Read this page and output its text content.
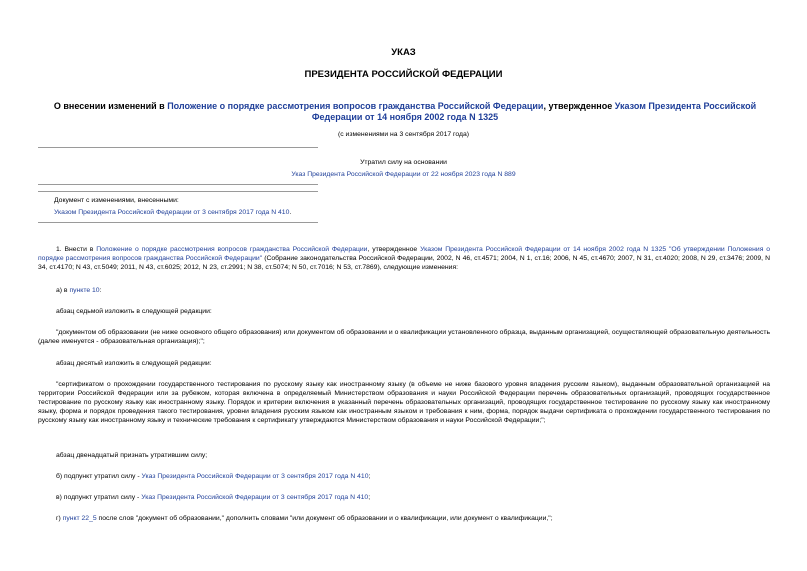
УКАЗ
ПРЕЗИДЕНТА РОССИЙСКОЙ ФЕДЕРАЦИИ
О внесении изменений в Положение о порядке рассмотрения вопросов гражданства Российской Федерации, утвержденное Указом Президента Российской Федерации от 14 ноября 2002 года N 1325
(с изменениями на 3 сентября 2017 года)
Утратил силу на основании
Указ Президента Российской Федерации от 22 ноября 2023 года N 889
Документ с изменениями, внесенными:
Указом Президента Российской Федерации от 3 сентября 2017 года N 410.
1. Внести в Положение о порядке рассмотрения вопросов гражданства Российской Федерации, утвержденное Указом Президента Российской Федерации от 14 ноября 2002 года N 1325 "Об утверждении Положения о порядке рассмотрения вопросов гражданства Российской Федерации" (Собрание законодательства Российской Федерации, 2002, N 46, ст.4571; 2004, N 1, ст.16; 2006, N 45, ст.4670; 2007, N 31, ст.4020; 2008, N 29, ст.3476; 2009, N 34, ст.4170; N 43, ст.5049; 2011, N 43, ст.6025; 2012, N 23, ст.2991; N 38, ст.5074; N 50, ст.7016; N 53, ст.7869), следующие изменения:
а) в пункте 10:
абзац седьмой изложить в следующей редакции:
"документом об образовании (не ниже основного общего образования) или документом об образовании и о квалификации установленного образца, выданным организацией, осуществляющей образовательную деятельность (далее именуется - образовательная организация);";
абзац десятый изложить в следующей редакции:
"сертификатом о прохождении государственного тестирования по русскому языку как иностранному языку (в объеме не ниже базового уровня владения русским языком), выданным образовательной организацией на территории Российской Федерации или за рубежом, которая включена в определяемый Министерством образования и науки Российской Федерации перечень образовательных организаций, проводящих государственное тестирование по русскому языку как иностранному языку. Порядок и критерии включения в указанный перечень образовательных организаций, проводящих государственное тестирование по русскому языку как иностранному языку, форма и порядок проведения такого тестирования, уровни владения русским языком как иностранным языком и требования к ним, форма, порядок выдачи сертификата о прохождении государственного тестирования по русскому языку как иностранному языку и технические требования к сертификату утверждаются Министерством образования и науки Российской Федерации;";
абзац двенадцатый признать утратившим силу;
б) подпункт утратил силу - Указ Президента Российской Федерации от 3 сентября 2017 года N 410;
в) подпункт утратил силу - Указ Президента Российской Федерации от 3 сентября 2017 года N 410;
г) пункт 22_5 после слов "документ об образовании," дополнить словами "или документ об образовании и о квалификации, или документ о квалификации,";
